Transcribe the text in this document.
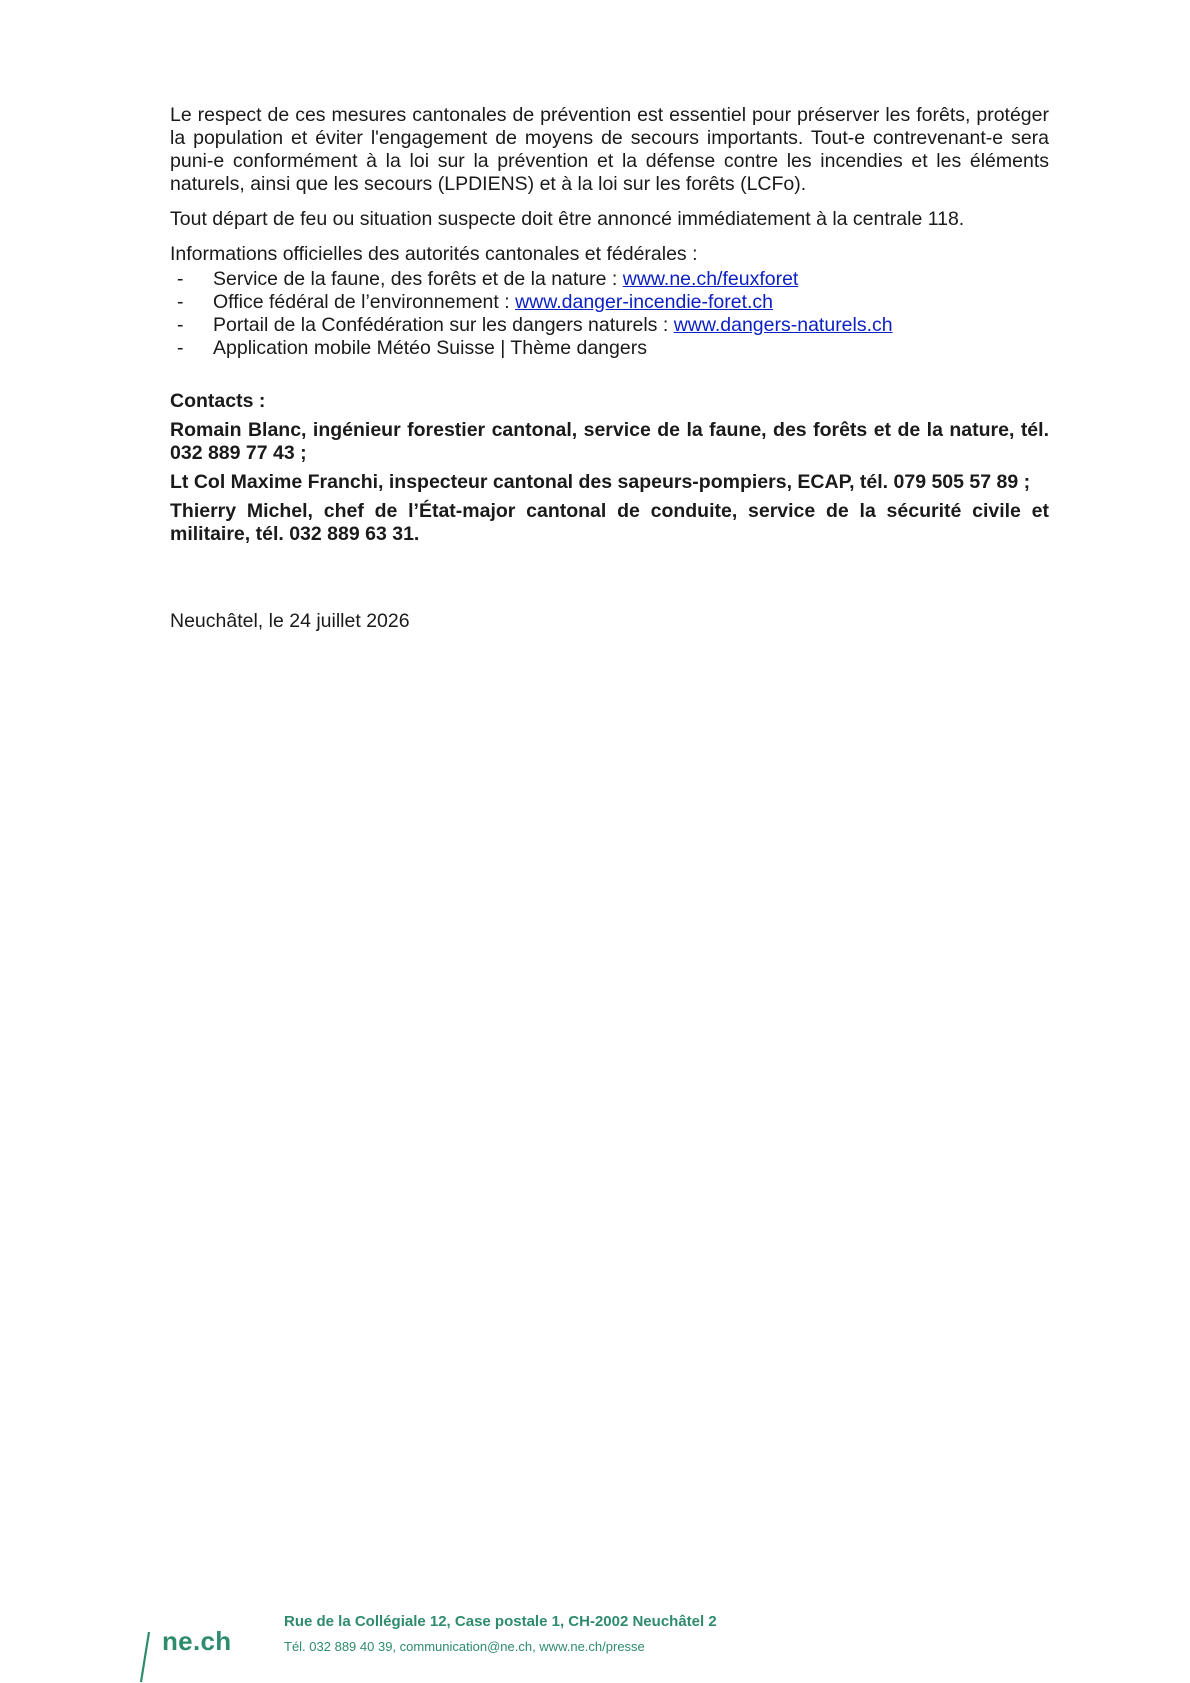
Le respect de ces mesures cantonales de prévention est essentiel pour préserver les forêts, protéger la population et éviter l'engagement de moyens de secours importants. Tout-e contrevenant-e sera puni-e conformément à la loi sur la prévention et la défense contre les incendies et les éléments naturels, ainsi que les secours (LPDIENS) et à la loi sur les forêts (LCFo).

Tout départ de feu ou situation suspecte doit être annoncé immédiatement à la centrale 118.

Informations officielles des autorités cantonales et fédérales :

- Service de la faune, des forêts et de la nature : www.ne.ch/feuxforet
- Office fédéral de l’environnement : www.danger-incendie-foret.ch
- Portail de la Confédération sur les dangers naturels : www.dangers-naturels.ch
- Application mobile Météo Suisse | Thème dangers

Contacts :

Romain Blanc, ingénieur forestier cantonal, service de la faune, des forêts et de la nature, tél. 032 889 77 43 ;

Lt Col Maxime Franchi, inspecteur cantonal des sapeurs-pompiers, ECAP, tél. 079 505 57 89 ;

Thierry Michel, chef de l’État-major cantonal de conduite, service de la sécurité civile et militaire, tél. 032 889 63 31.

Neuchâtel, le 24 juillet 2026
ne.ch
Rue de la Collégiale 12, Case postale 1, CH-2002 Neuchâtel 2
Tél. 032 889 40 39, communication@ne.ch, www.ne.ch/presse
